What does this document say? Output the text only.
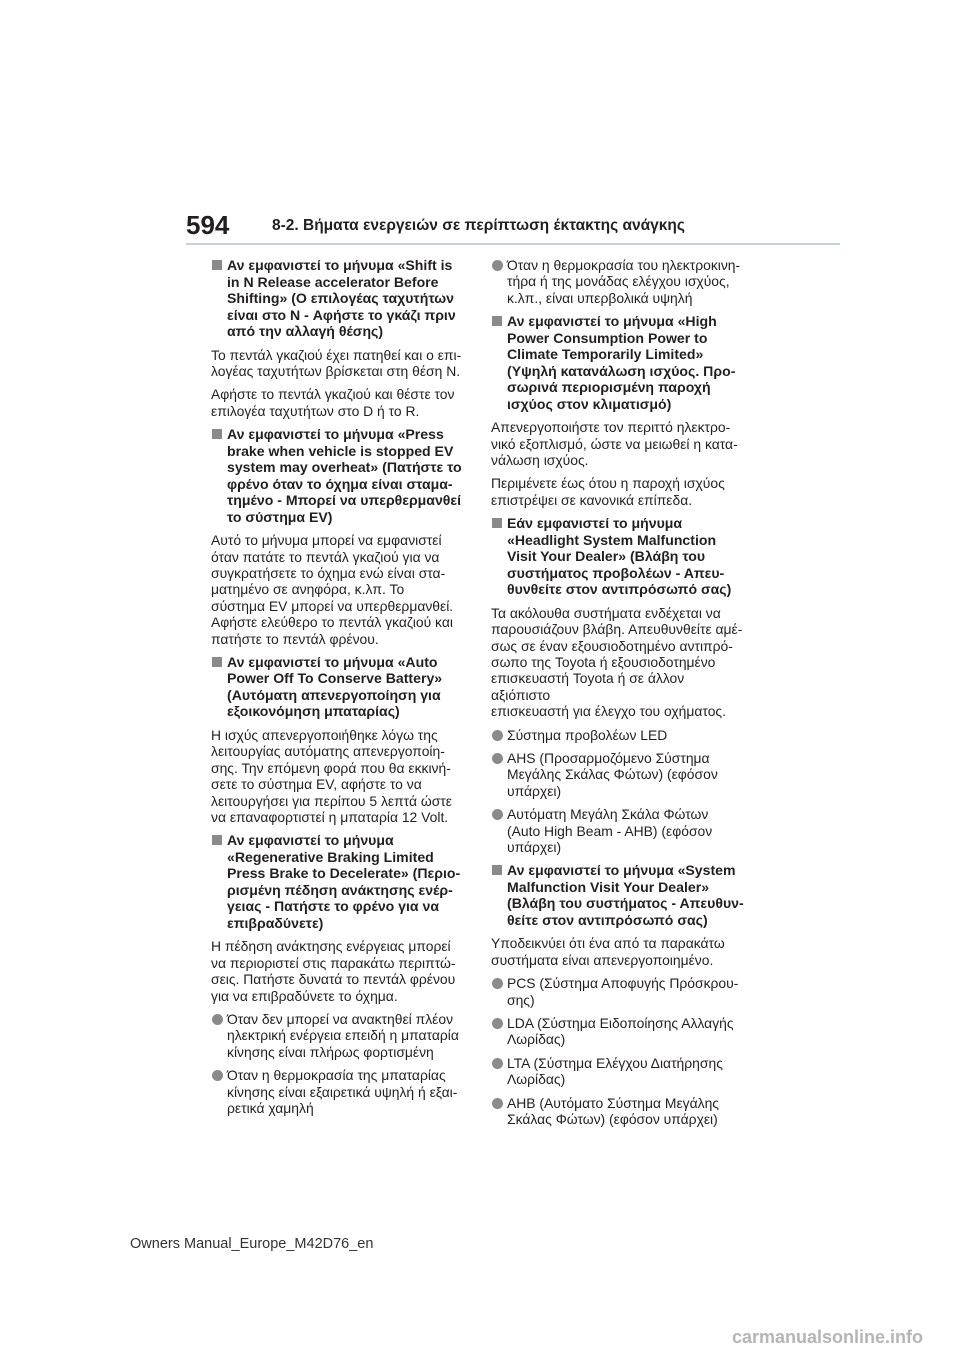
594	8-2. Βήματα ενεργειών σε περίπτωση έκτακτης ανάγκης
Αν εμφανιστεί το μήνυμα «Shift is
in N Release accelerator Before
Shifting» (Ο επιλογέας ταχυτήτων
είναι στο N - Αφήστε το γκάζι πριν
από την αλλαγή θέσης)
Το πεντάλ γκαζιού έχει πατηθεί και ο επι-
λογέας ταχυτήτων βρίσκεται στη θέση N.
Αφήστε το πεντάλ γκαζιού και θέστε τον
επιλογέα ταχυτήτων στο D ή το R.
Αν εμφανιστεί το μήνυμα «Press
brake when vehicle is stopped EV
system may overheat» (Πατήστε το
φρένο όταν το όχημα είναι σταμα-
τημένο - Μπορεί να υπερθερμανθεί
το σύστημα EV)
Αυτό το μήνυμα μπορεί να εμφανιστεί
όταν πατάτε το πεντάλ γκαζιού για να
συγκρατήσετε το όχημα ενώ είναι στα-
ματημένο σε ανηφόρα, κ.λπ. Το
σύστημα EV μπορεί να υπερθερμανθεί.
Αφήστε ελεύθερο το πεντάλ γκαζιού και
πατήστε το πεντάλ φρένου.
Αν εμφανιστεί το μήνυμα «Auto
Power Off To Conserve Battery»
(Αυτόματη απενεργοποίηση για
εξοικονόμηση μπαταρίας)
Η ισχύς απενεργοποιήθηκε λόγω της
λειτουργίας αυτόματης απενεργοποίη-
σης. Την επόμενη φορά που θα εκκινή-
σετε το σύστημα EV, αφήστε το να
λειτουργήσει για περίπου 5 λεπτά ώστε
να επαναφορτιστεί η μπαταρία 12 Volt.
Αν εμφανιστεί το μήνυμα
«Regenerative Braking Limited
Press Brake to Decelerate» (Περιο-
ρισμένη πέδηση ανάκτησης ενέρ-
γειας - Πατήστε το φρένο για να
επιβραδύνετε)
Η πέδηση ανάκτησης ενέργειας μπορεί
να περιοριστεί στις παρακάτω περιπτώ-
σεις. Πατήστε δυνατά το πεντάλ φρένου
για να επιβραδύνετε το όχημα.
Όταν δεν μπορεί να ανακτηθεί πλέον
ηλεκτρική ενέργεια επειδή η μπαταρία
κίνησης είναι πλήρως φορτισμένη
Όταν η θερμοκρασία της μπαταρίας
κίνησης είναι εξαιρετικά υψηλή ή εξαι-
ρετικά χαμηλή
Όταν η θερμοκρασία του ηλεκτροκινη-
τήρα ή της μονάδας ελέγχου ισχύος,
κ.λπ., είναι υπερβολικά υψηλή
Αν εμφανιστεί το μήνυμα «High
Power Consumption Power to
Climate Temporarily Limited»
(Υψηλή κατανάλωση ισχύος. Προ-
σωρινά περιορισμένη παροχή
ισχύος στον κλιματισμό)
Απενεργοποιήστε τον περιττό ηλεκτρο-
νικό εξοπλισμό, ώστε να μειωθεί η κατα-
νάλωση ισχύος.
Περιμένετε έως ότου η παροχή ισχύος
επιστρέψει σε κανονικά επίπεδα.
Εάν εμφανιστεί το μήνυμα
«Headlight System Malfunction
Visit Your Dealer» (Βλάβη του
συστήματος προβολέων - Απευ-
θυνθείτε στον αντιπρόσωπό σας)
Τα ακόλουθα συστήματα ενδέχεται να
παρουσιάζουν βλάβη. Απευθυνθείτε αμέ-
σως σε έναν εξουσιοδοτημένο αντιπρό-
σωπο της Toyota ή εξουσιοδοτημένο
επισκευαστή Toyota ή σε άλλον αξιόπιστο
επισκευαστή για έλεγχο του οχήματος.
Σύστημα προβολέων LED
AHS (Προσαρμοζόμενο Σύστημα
Μεγάλης Σκάλας Φώτων) (εφόσον
υπάρχει)
Αυτόματη Μεγάλη Σκάλα Φώτων
(Auto High Beam - AHB) (εφόσον
υπάρχει)
Αν εμφανιστεί το μήνυμα «System
Malfunction Visit Your Dealer»
(Βλάβη του συστήματος - Απευθυν-
θείτε στον αντιπρόσωπό σας)
Υποδεικνύει ότι ένα από τα παρακάτω
συστήματα είναι απενεργοποιημένο.
PCS (Σύστημα Αποφυγής Πρόσκρου-
σης)
LDA (Σύστημα Ειδοποίησης Αλλαγής
Λωρίδας)
LTA (Σύστημα Ελέγχου Διατήρησης
Λωρίδας)
AHB (Αυτόματο Σύστημα Μεγάλης
Σκάλας Φώτων) (εφόσον υπάρχει)
Owners Manual_Europe_M42D76_en
carmanualsonline.info
